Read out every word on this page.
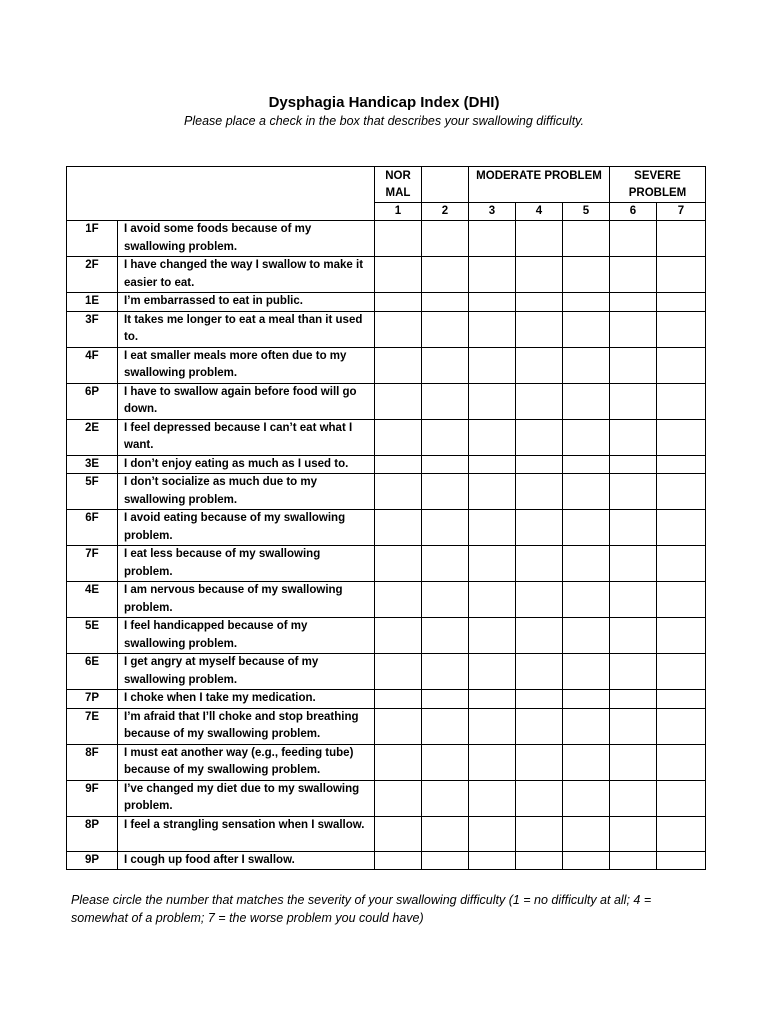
Dysphagia Handicap Index (DHI)
Please place a check in the box that describes your swallowing difficulty.
		NOR MAL		MODERATE PROBLEM			SEVERE PROBLEM	
		1	2	3	4	5	6	7
1F	I avoid some foods because of my swallowing problem.							
2F	I have changed the way I swallow to make it easier to eat.							
1E	I’m embarrassed to eat in public.							
3F	It takes me longer to eat a meal than it used to.							
4F	I eat smaller meals more often due to my swallowing problem.							
6P	I have to swallow again before food will go down.							
2E	I feel depressed because I can’t eat what I want.							
3E	I don’t enjoy eating as much as I used to.							
5F	I don’t socialize as much due to my swallowing problem.							
6F	I avoid eating because of my swallowing problem.							
7F	I eat less because of my swallowing problem.							
4E	I am nervous because of my swallowing problem.							
5E	I feel handicapped because of my swallowing problem.							
6E	I get angry at myself because of my swallowing problem.							
7P	I choke when I take my medication.							
7E	I’m afraid that I’ll choke and stop breathing because of my swallowing problem.							
8F	I must eat another way (e.g., feeding tube) because of my swallowing problem.							
9F	I’ve changed my diet due to my swallowing problem.							
8P	I feel a strangling sensation when I swallow.							
9P	I cough up food after I swallow.							
Please circle the number that matches the severity of your swallowing difficulty (1 = no difficulty at all; 4 = somewhat of a problem; 7 = the worse problem you could have)
